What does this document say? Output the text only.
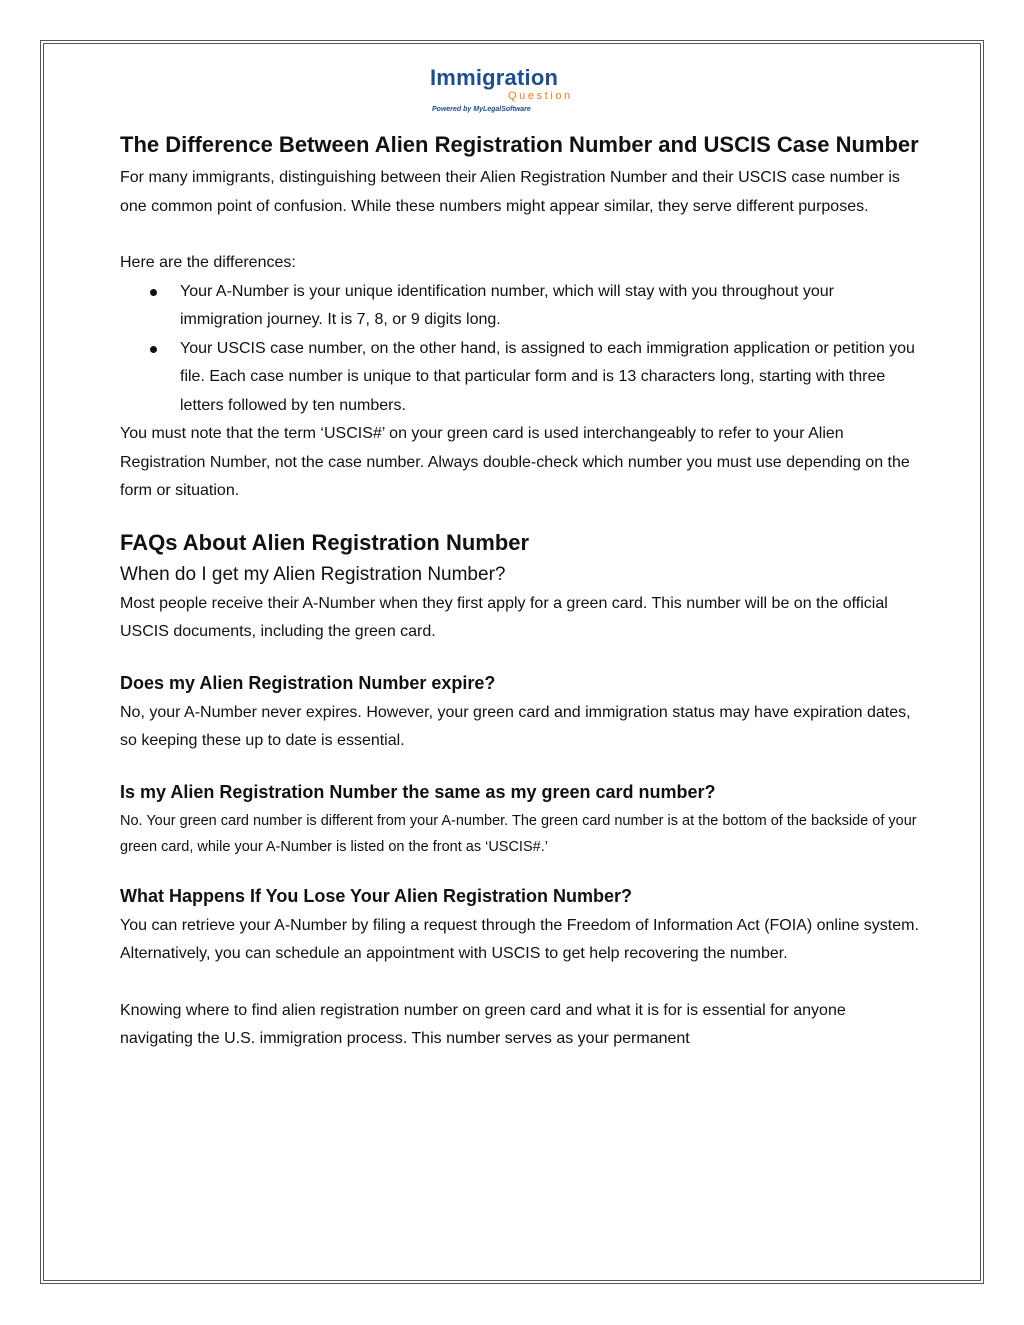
Immigration
Question
Powered by MyLegalSoftware
The Difference Between Alien Registration Number and USCIS Case Number

For many immigrants, distinguishing between their Alien Registration Number and their USCIS case number is one common point of confusion. While these numbers might appear similar, they serve different purposes.

Here are the differences:

Your A-Number is your unique identification number, which will stay with you throughout your immigration journey. It is 7, 8, or 9 digits long.
Your USCIS case number, on the other hand, is assigned to each immigration application or petition you file. Each case number is unique to that particular form and is 13 characters long, starting with three letters followed by ten numbers.

You must note that the term ‘USCIS#’ on your green card is used interchangeably to refer to your Alien Registration Number, not the case number. Always double-check which number you must use depending on the form or situation.

FAQs About Alien Registration Number
When do I get my Alien Registration Number?

Most people receive their A-Number when they first apply for a green card. This number will be on the official USCIS documents, including the green card.

Does my Alien Registration Number expire?

No, your A-Number never expires. However, your green card and immigration status may have expiration dates, so keeping these up to date is essential.

Is my Alien Registration Number the same as my green card number?

No. Your green card number is different from your A-number. The green card number is at the bottom of the backside of your green card, while your A-Number is listed on the front as ‘USCIS#.’

What Happens If You Lose Your Alien Registration Number?

You can retrieve your A-Number by filing a request through the Freedom of Information Act (FOIA) online system. Alternatively, you can schedule an appointment with USCIS to get help recovering the number.

Knowing where to find alien registration number on green card and what it is for is essential for anyone navigating the U.S. immigration process. This number serves as your permanent
